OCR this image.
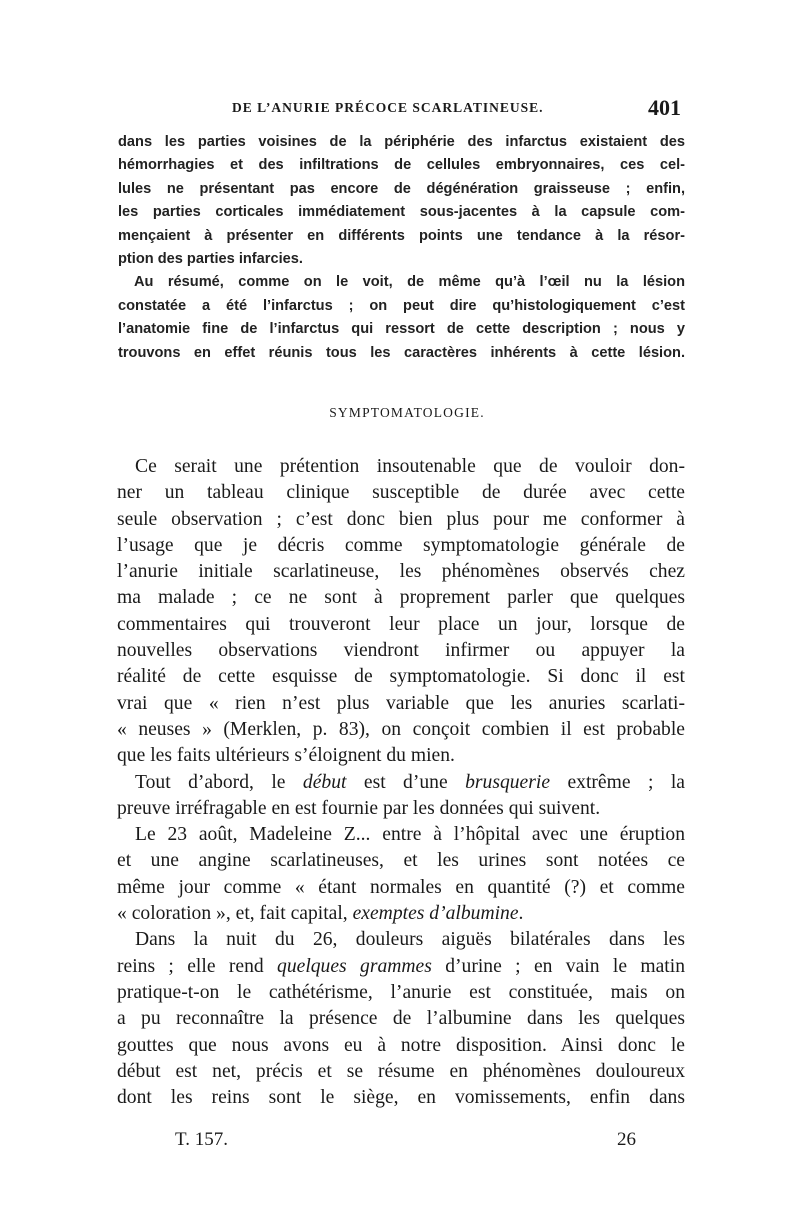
DE L’ANURIE PRÉCOCE SCARLATINEUSE.	401
dans les parties voisines de la périphérie des infarctus existaient des
hémorrhagies et des infiltrations de cellules embryonnaires, ces cel-
lules ne présentant pas encore de dégénération graisseuse ; enfin,
les parties corticales immédiatement sous-jacentes à la capsule com-
mençaient à présenter en différents points une tendance à la résor-
ption des parties infarcies.
Au résumé, comme on le voit, de même qu’à l’œil nu la lésion
constatée a été l’infarctus ; on peut dire qu’histologiquement c’est
l’anatomie fine de l’infarctus qui ressort de cette description ; nous y
trouvons en effet réunis tous les caractères inhérents à cette lésion.
SYMPTOMATOLOGIE.
Ce serait une prétention insoutenable que de vouloir don-
ner un tableau clinique susceptible de durée avec cette
seule observation ; c’est donc bien plus pour me conformer à
l’usage que je décris comme symptomatologie générale de
l’anurie initiale scarlatineuse, les phénomènes observés chez
ma malade ; ce ne sont à proprement parler que quelques
commentaires qui trouveront leur place un jour, lorsque de
nouvelles observations viendront infirmer ou appuyer la
réalité de cette esquisse de symptomatologie. Si donc il est
vrai que « rien n’est plus variable que les anuries scarlati-
« neuses » (Merklen, p. 83), on conçoit combien il est probable
que les faits ultérieurs s’éloignent du mien.
Tout d’abord, le début est d’une brusquerie extrême ; la
preuve irréfragable en est fournie par les données qui suivent.
Le 23 août, Madeleine Z... entre à l’hôpital avec une éruption
et une angine scarlatineuses, et les urines sont notées ce
même jour comme « étant normales en quantité (?) et comme
« coloration », et, fait capital, exemptes d’albumine.
Dans la nuit du 26, douleurs aiguës bilatérales dans les
reins ; elle rend quelques grammes d’urine ; en vain le matin
pratique-t-on le cathétérisme, l’anurie est constituée, mais on
a pu reconnaître la présence de l’albumine dans les quelques
gouttes que nous avons eu à notre disposition. Ainsi donc le
début est net, précis et se résume en phénomènes douloureux
dont les reins sont le siège, en vomissements, enfin dans
T. 157.	26
